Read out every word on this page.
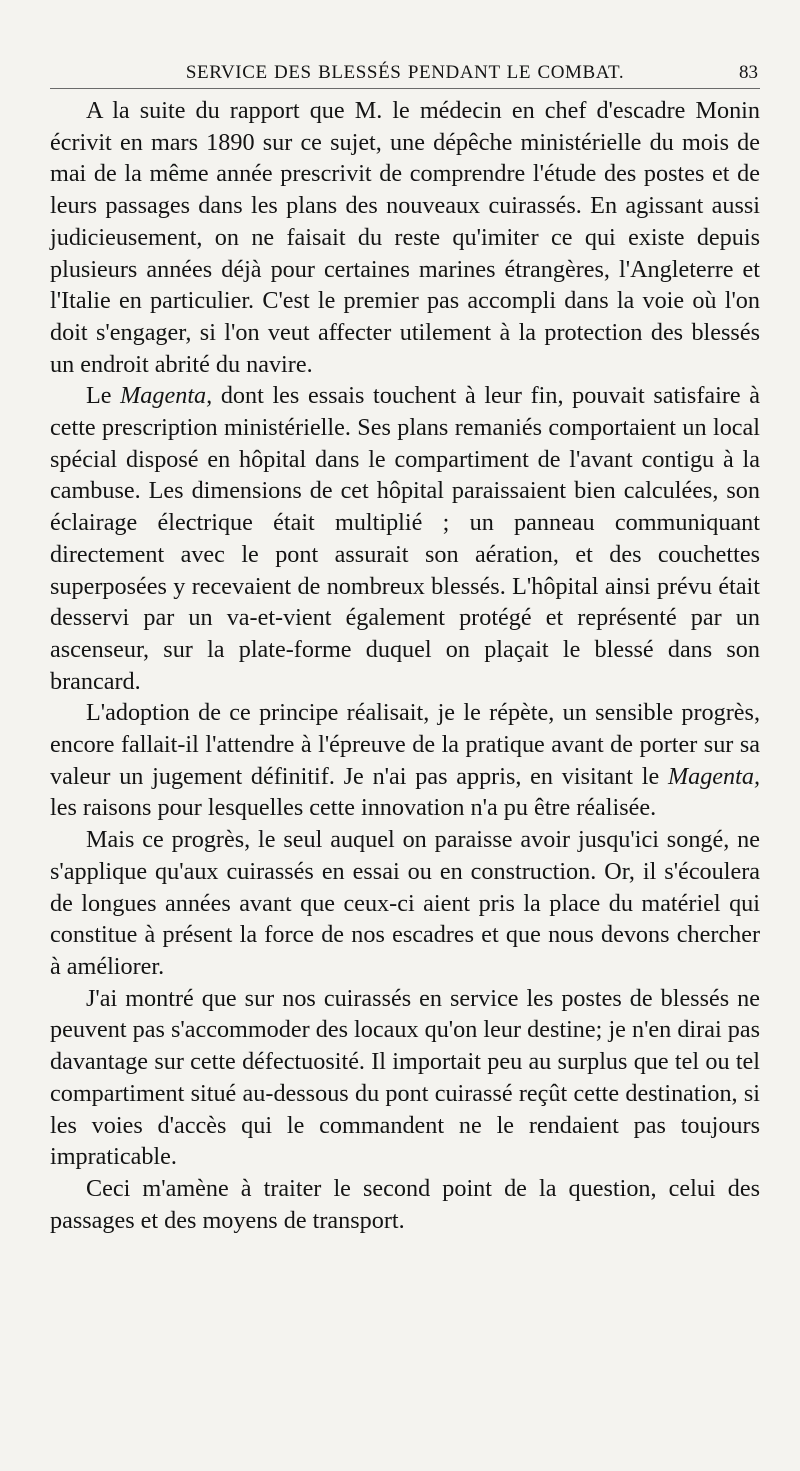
SERVICE DES BLESSÉS PENDANT LE COMBAT.	83

A la suite du rapport que M. le médecin en chef d'escadre Monin écrivit en mars 1890 sur ce sujet, une dépêche ministérielle du mois de mai de la même année prescrivit de comprendre l'étude des postes et de leurs passages dans les plans des nouveaux cuirassés. En agissant aussi judicieusement, on ne faisait du reste qu'imiter ce qui existe depuis plusieurs années déjà pour certaines marines étrangères, l'Angleterre et l'Italie en particulier. C'est le premier pas accompli dans la voie où l'on doit s'engager, si l'on veut affecter utilement à la protection des blessés un endroit abrité du navire.

Le Magenta, dont les essais touchent à leur fin, pouvait satisfaire à cette prescription ministérielle. Ses plans remaniés comportaient un local spécial disposé en hôpital dans le compartiment de l'avant contigu à la cambuse. Les dimensions de cet hôpital paraissaient bien calculées, son éclairage électrique était multiplié ; un panneau communiquant directement avec le pont assurait son aération, et des couchettes superposées y recevaient de nombreux blessés. L'hôpital ainsi prévu était desservi par un va-et-vient également protégé et représenté par un ascenseur, sur la plate-forme duquel on plaçait le blessé dans son brancard.

L'adoption de ce principe réalisait, je le répète, un sensible progrès, encore fallait-il l'attendre à l'épreuve de la pratique avant de porter sur sa valeur un jugement définitif. Je n'ai pas appris, en visitant le Magenta, les raisons pour lesquelles cette innovation n'a pu être réalisée.

Mais ce progrès, le seul auquel on paraisse avoir jusqu'ici songé, ne s'applique qu'aux cuirassés en essai ou en construction. Or, il s'écoulera de longues années avant que ceux-ci aient pris la place du matériel qui constitue à présent la force de nos escadres et que nous devons chercher à améliorer.

J'ai montré que sur nos cuirassés en service les postes de blessés ne peuvent pas s'accommoder des locaux qu'on leur destine; je n'en dirai pas davantage sur cette défectuosité. Il importait peu au surplus que tel ou tel compartiment situé au-dessous du pont cuirassé reçût cette destination, si les voies d'accès qui le commandent ne le rendaient pas toujours impraticable.

Ceci m'amène à traiter le second point de la question, celui des passages et des moyens de transport.
